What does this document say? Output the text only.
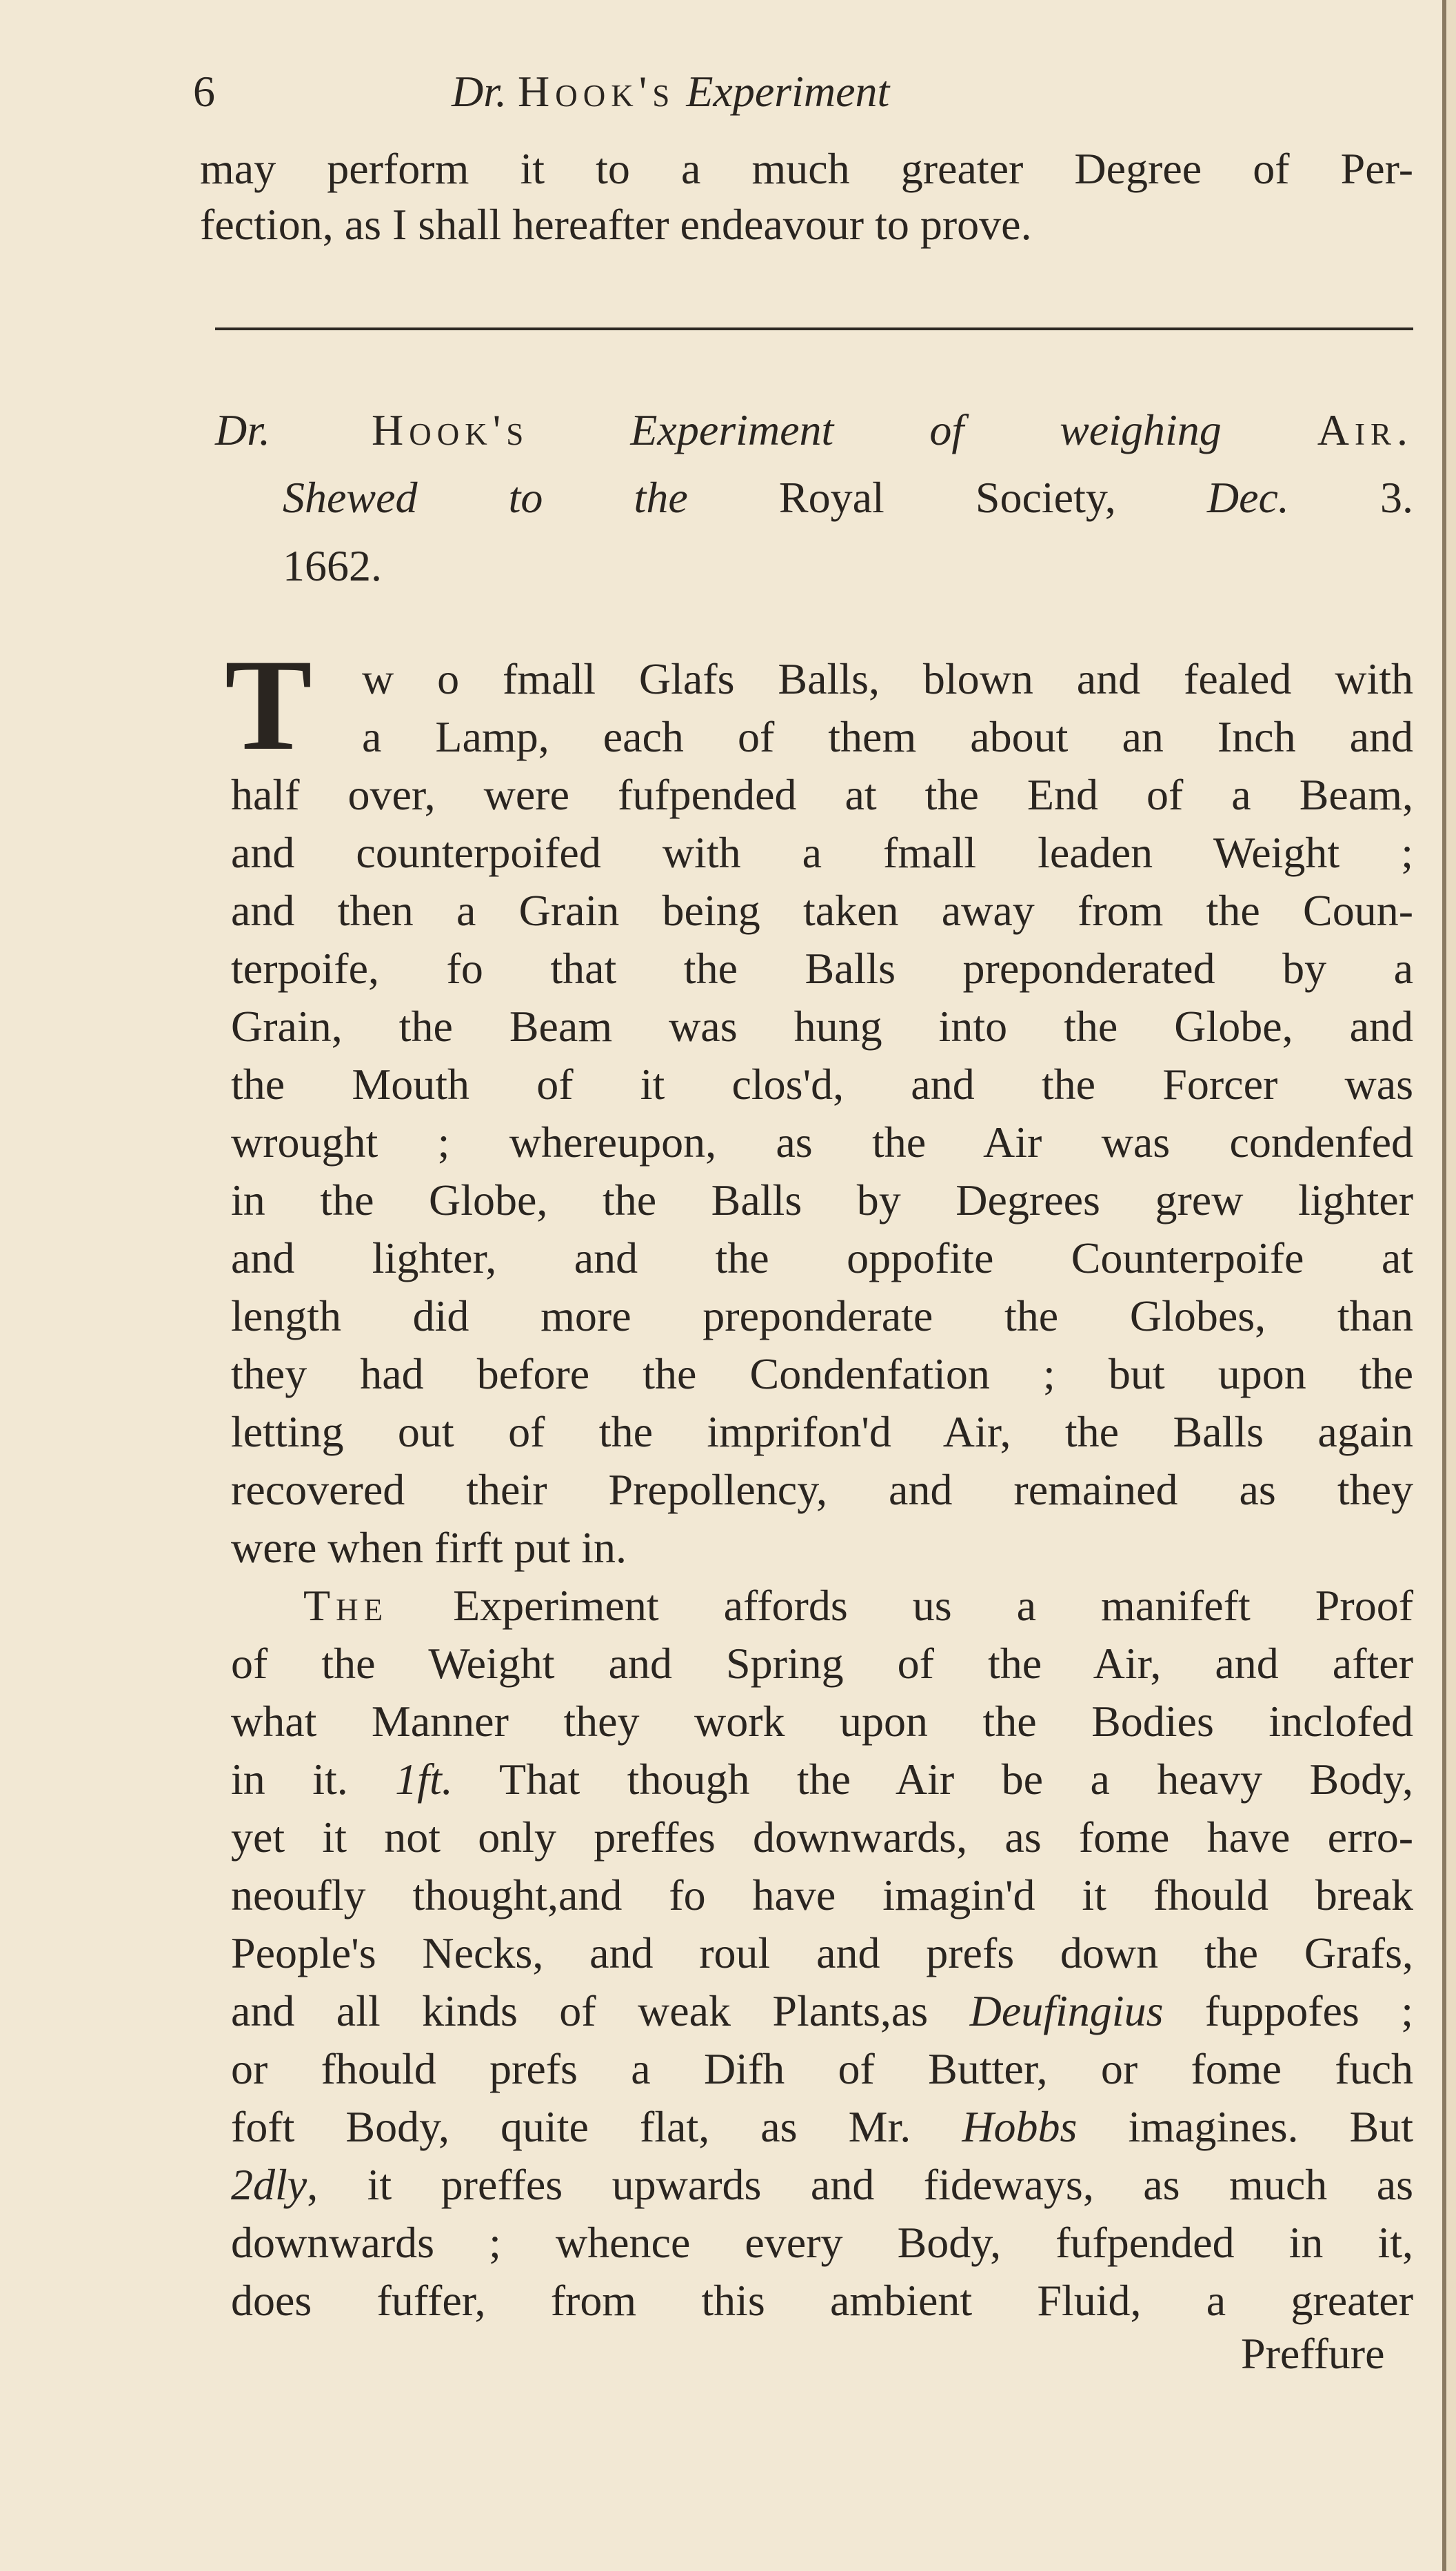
6	Dr. Hook's Experiment
may perform it to a much greater Degree of Per-
fection, as I shall hereafter endeavour to prove.
Dr. Hook's Experiment of weighing Air.
Shewed to the Royal Society, Dec. 3.
1662.
T w o fmall Glafs Balls, blown and fealed with
a Lamp, each of them about an Inch and
half over, were fufpended at the End of a Beam,
and counterpoifed with a fmall leaden Weight ;
and then a Grain being taken away from the Coun-
terpoife, fo that the Balls preponderated by a
Grain, the Beam was hung into the Globe, and
the Mouth of it clos'd, and the Forcer was
wrought ; whereupon, as the Air was condenfed
in the Globe, the Balls by Degrees grew lighter
and lighter, and the oppofite Counterpoife at
length did more preponderate the Globes, than
they had before the Condenfation ; but upon the
letting out of the imprifon'd Air, the Balls again
recovered their Prepollency, and remained as they
were when firft put in.
The Experiment affords us a manifeft Proof
of the Weight and Spring of the Air, and after
what Manner they work upon the Bodies inclofed
in it. 1ft. That though the Air be a heavy Body,
yet it not only preffes downwards, as fome have erro-
neoufly thought,and fo have imagin'd it fhould break
People's Necks, and roul and prefs down the Grafs,
and all kinds of weak Plants,as Deufingius fuppofes ;
or fhould prefs a Difh of Butter, or fome fuch
foft Body, quite flat, as Mr. Hobbs imagines. But
2dly, it preffes upwards and fideways, as much as
downwards ; whence every Body, fufpended in it,
does fuffer, from this ambient Fluid, a greater
Preffure
